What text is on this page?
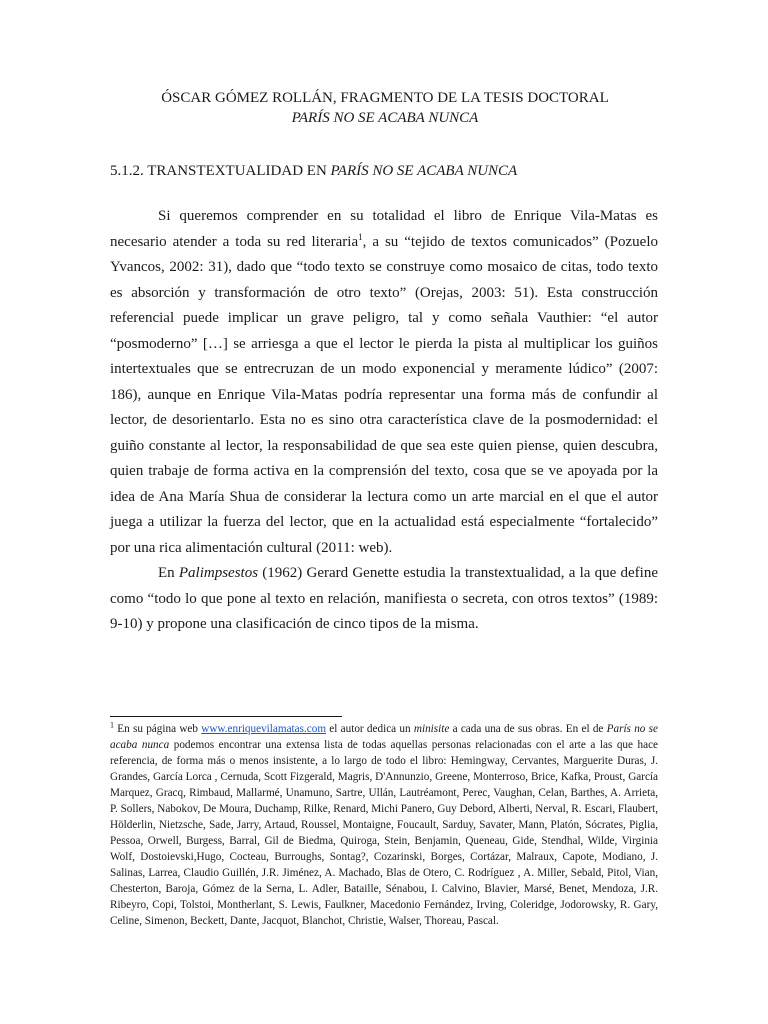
ÓSCAR GÓMEZ ROLLÁN, FRAGMENTO DE LA TESIS DOCTORAL
PARÍS NO SE ACABA NUNCA
5.1.2. TRANSTEXTUALIDAD EN PARÍS NO SE ACABA NUNCA

Si queremos comprender en su totalidad el libro de Enrique Vila-Matas es necesario atender a toda su red literaria$^1$, a su “tejido de textos comunicados” (Pozuelo Yvancos, 2002: 31), dado que “todo texto se construye como mosaico de citas, todo texto es absorción y transformación de otro texto” (Orejas, 2003: 51). Esta construcción referencial puede implicar un grave peligro, tal y como señala Vauthier: “el autor “posmoderno” […] se arriesga a que el lector le pierda la pista al multiplicar los guiños intertextuales que se entrecruzan de un modo exponencial y meramente lúdico” (2007: 186), aunque en Enrique Vila-Matas podría representar una forma más de confundir al lector, de desorientarlo. Esta no es sino otra característica clave de la posmodernidad: el guiño constante al lector, la responsabilidad de que sea este quien piense, quien descubra, quien trabaje de forma activa en la comprensión del texto, cosa que se ve apoyada por la idea de Ana María Shua de considerar la lectura como un arte marcial en el que el autor juega a utilizar la fuerza del lector, que en la actualidad está especialmente “fortalecido” por una rica alimentación cultural (2011: web).

En Palimpsestos (1962) Gerard Genette estudia la transtextualidad, a la que define como “todo lo que pone al texto en relación, manifiesta o secreta, con otros textos” (1989: 9-10) y propone una clasificación de cinco tipos de la misma.

$^1$ En su página web www.enriquevilamatas.com el autor dedica un minisite a cada una de sus obras. En el de París no se acaba nunca podemos encontrar una extensa lista de todas aquellas personas relacionadas con el arte a las que hace referencia, de forma más o menos insistente, a lo largo de todo el libro: Hemingway, Cervantes, Marguerite Duras, J. Grandes, García Lorca , Cernuda, Scott Fizgerald, Magris, D'Annunzio, Greene, Monterroso, Brice, Kafka, Proust, García Marquez, Gracq, Rimbaud, Mallarmé, Unamuno, Sartre, Ullán, Lautréamont, Perec, Vaughan, Celan, Barthes, A. Arrieta, P. Sollers, Nabokov, De Moura, Duchamp, Rilke, Renard, Michi Panero, Guy Debord, Alberti, Nerval, R. Escari, Flaubert, Hölderlin, Nietzsche, Sade, Jarry, Artaud, Roussel, Montaigne, Foucault, Sarduy, Savater, Mann, Platón, Sócrates, Piglia, Pessoa, Orwell, Burgess, Barral, Gil de Biedma, Quiroga, Stein, Benjamin, Queneau, Gide, Stendhal, Wilde, Virginia Wolf, Dostoievski,Hugo, Cocteau, Burroughs, Sontag?, Cozarinski, Borges, Cortázar, Malraux, Capote, Modiano, J. Salinas, Larrea, Claudio Guillén, J.R. Jiménez, A. Machado, Blas de Otero, C. Rodríguez , A. Miller, Sebald, Pitol, Vian, Chesterton, Baroja, Gómez de la Serna, L. Adler, Bataille, Sénabou, I. Calvino, Blavier, Marsé, Benet, Mendoza, J.R. Ribeyro, Copi, Tolstoi, Montherlant, S. Lewis, Faulkner, Macedonio Fernández, Irving, Coleridge, Jodorowsky, R. Gary, Celine, Simenon, Beckett, Dante, Jacquot, Blanchot, Christie, Walser, Thoreau, Pascal.
